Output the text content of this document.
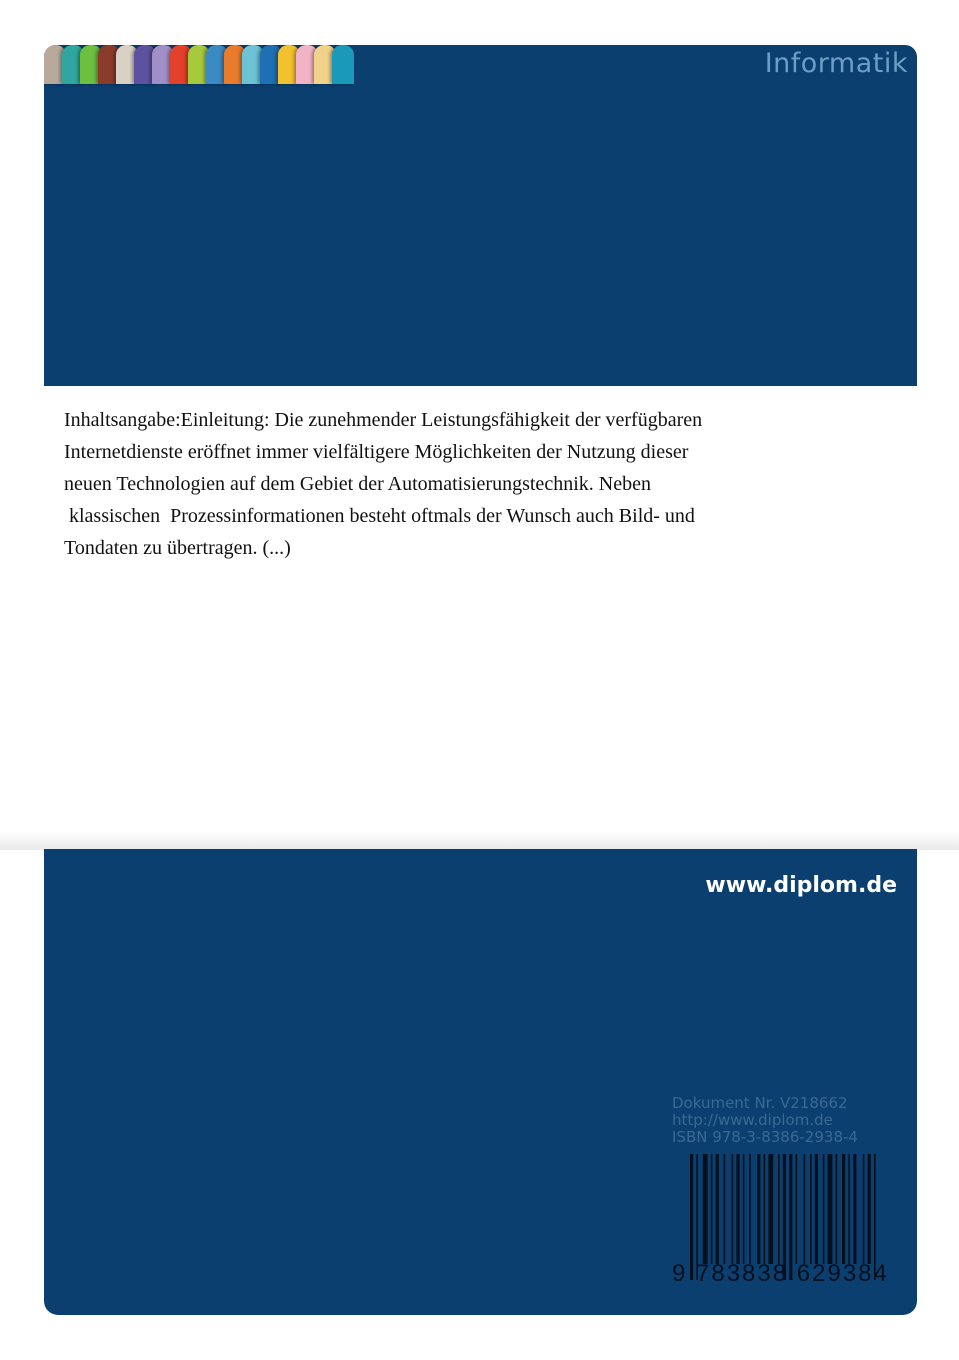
Informatik
Inhaltsangabe:Einleitung: Die zunehmender Leistungsfähigkeit der verfügbaren
Internetdienste eröffnet immer vielfältigere Möglichkeiten der Nutzung dieser
neuen Technologien auf dem Gebiet der Automatisierungstechnik. Neben
klassischen  Prozessinformationen besteht oftmals der Wunsch auch Bild- und
Tondaten zu übertragen. (...)
www.diplom.de
Dokument Nr. V218662
http://www.diplom.de
ISBN 978-3-8386-2938-4
9 783838 629384
